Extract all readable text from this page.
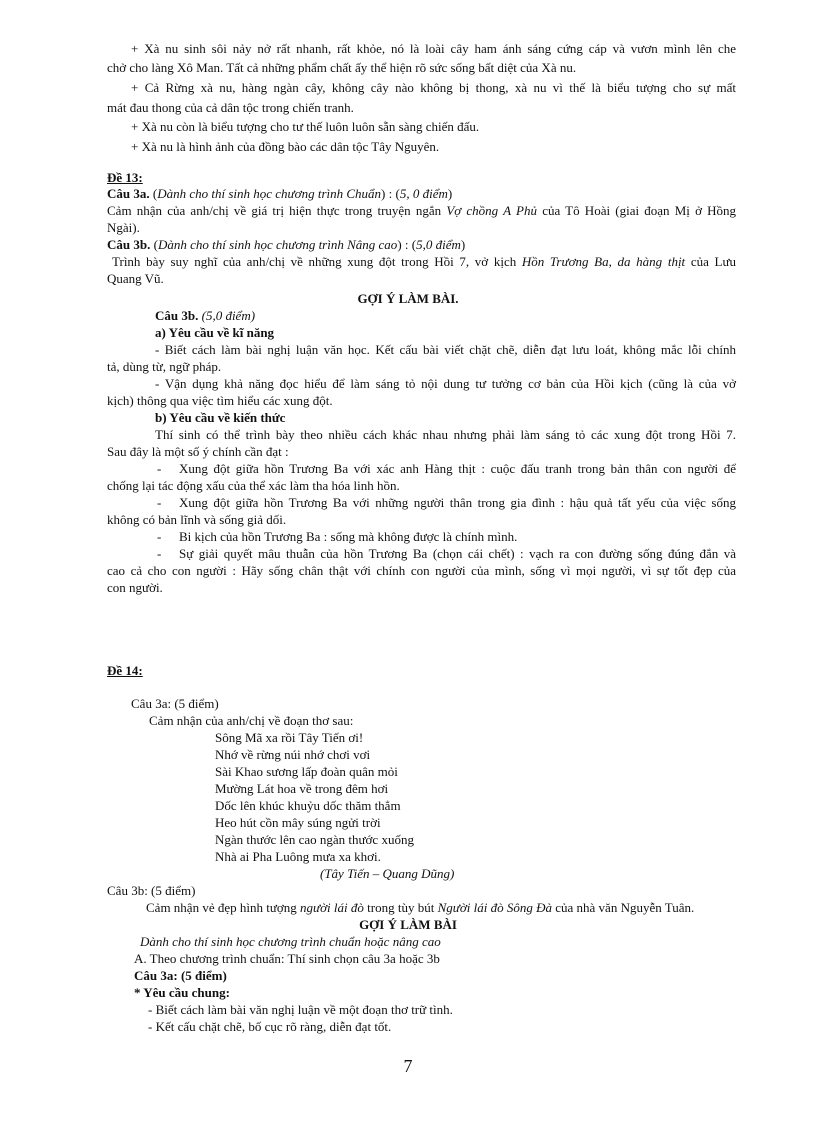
+ Xà nu sinh sôi nảy nở rất nhanh, rất khỏe, nó là loài cây ham ánh sáng cứng cáp và vươn mình lên che
chở cho làng Xô Man. Tất cả những phẩm chất ấy thể hiện rõ sức sống bất diệt của Xà nu.
+ Cả Rừng xà nu, hàng ngàn cây, không cây nào không bị thong, xà nu vì thế là biểu tượng cho sự mất
mát đau thong của cả dân tộc trong chiến tranh.
+ Xà nu còn là biểu tượng cho tư thế luôn luôn sẵn sàng chiến đấu.
+ Xà nu là hình ảnh của đồng bào các dân tộc Tây Nguyên.
Đề 13:
Câu 3a. (Dành cho thí sinh học chương trình Chuẩn) : (5, 0 điểm)
Cảm nhận của anh/chị về giá trị hiện thực trong truyện ngắn Vợ chồng A Phủ của Tô Hoài (giai đoạn Mị ở Hồng
Ngài).
Câu 3b. (Dành cho thí sinh học chương trình Nâng cao) : (5,0 điểm)
Trình bày suy nghĩ của anh/chị về những xung đột trong Hồi 7, vở kịch Hồn Trương Ba, da hàng thịt của Lưu
Quang Vũ.
GỢI Ý LÀM BÀI.
Câu 3b. (5,0 điểm)
a) Yêu cầu về kĩ năng
- Biết cách làm bài nghị luận văn học. Kết cấu bài viết chặt chẽ, diễn đạt lưu loát, không mắc lỗi chính
tả, dùng từ, ngữ pháp.
- Vận dụng khả năng đọc hiểu để làm sáng tỏ nội dung tư tưởng cơ bản của Hồi kịch (cũng là của vở
kịch) thông qua việc tìm hiểu các xung đột.
b) Yêu cầu về kiến thức
Thí sinh có thể trình bày theo nhiều cách khác nhau nhưng phải làm sáng tỏ các xung đột trong Hồi 7.
Sau đây là một số ý chính cần đạt :
- Xung đột giữa hồn Trương Ba với xác anh Hàng thịt : cuộc đấu tranh trong bản thân con người để
chống lại tác động xấu của thể xác làm tha hóa linh hồn.
- Xung đột giữa hồn Trương Ba với những người thân trong gia đình : hậu quả tất yếu của việc sống
không có bản lĩnh và sống giả dối.
- Bi kịch của hồn Trương Ba : sống mà không được là chính mình.
- Sự giải quyết mâu thuẫn của hồn Trương Ba (chọn cái chết) : vạch ra con đường sống đúng đắn và
cao cả cho con người : Hãy sống chân thật với chính con người của mình, sống vì mọi người, vì sự tốt đẹp của
con người.
Đề 14:
Câu 3a: (5 điểm)
Cảm nhận của anh/chị về đoạn thơ sau:
Sông Mã xa rồi Tây Tiến ơi!
Nhớ về rừng núi nhớ chơi vơi
Sài Khao sương lấp đoàn quân mỏi
Mường Lát hoa về trong đêm hơi
Dốc lên khúc khuỷu dốc thăm thẳm
Heo hút cồn mây súng ngửi trời
Ngàn thước lên cao ngàn thước xuống
Nhà ai Pha Luông mưa xa khơi.
(Tây Tiến – Quang Dũng)
Câu 3b: (5 điểm)
Cảm nhận vẻ đẹp hình tượng người lái đò trong tùy bút Người lái đò Sông Đà của nhà văn Nguyễn Tuân.
GỢI Ý LÀM BÀI
Dành cho thí sinh học chương trình chuẩn hoặc nâng cao
A. Theo chương trình chuẩn: Thí sinh chọn câu 3a hoặc 3b
Câu 3a: (5 điểm)
* Yêu cầu chung:
- Biết cách làm bài văn nghị luận về một đoạn thơ trữ tình.
- Kết cấu chặt chẽ, bố cục rõ ràng, diễn đạt tốt.
7
